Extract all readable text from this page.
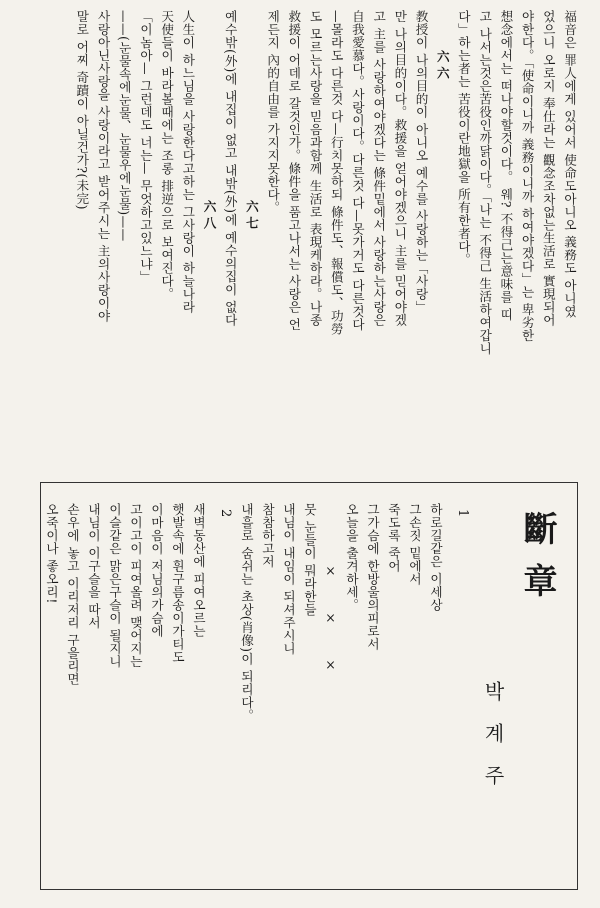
福音은 罪人에게 있어서 使命도아니오 義務도 아니였
었으니 오로지 奉仕라는 觀念조차없는生活로 實現되어
야한다。「使命이니까 義務이니까 하여야겠다」는 卑劣한
想念에서는 떠나야할것이다。 웨? 不得己는意味를 띠
고 나서는것은苦役인까닭이다。「나는 不得己 生活하여갑니
다」하는者는 苦役이란地獄을 所有한者다。
六六
教授이 나의目的이 아니오 예수를 사랑하는「사랑」
만 나의目的이다。救援을 얻어야겠으니 主를 믿어야겠
고 主를 사랑하여야겠다는 條件밑에서 사랑하는사랑은
自我愛慕다。사랑이다。다른것 다—못가거도 다른것다
—몰라도 다른것 다—行치못하되 條件도、報償도、功勞
도 모르는사랑을 믿음과함께 生活로 表現케하라。나종
救援이 어데로 갈것인가。條件을 품고나서는 사랑은 언
제든지 內的自由를 가지지못한다。
六七
예수밖(外)에 내집이 없고 내밖(外)에 예수의집이 없다
六八
人生이 하느님을 사랑한다고하는 그사랑이 하늘나라
天使들이 바라볼때에는 조롱 排逆으로 보여진다。
「이놈아— 그런데도 너는— 무엇하고있느냐」
——(눈물속에눈물、눈물우에눈물)——
사랑아닌사랑을 사랑이라고 받어주시는 主의사랑이야
말로 어찌 奇蹟이 아닐건가?(未完)
斷章
박계주
1
하로길같은 이세상
그손짓 밑에서
죽도록 죽어
그가슴에 한방울의피로서
오늘을 출겨하세。
× × ×
뭇 눈들이 뭐라한들
내님이 내임이 되셔주시니
참참하고저
내흘로 숨쉬는 초상(肖像)이 되리다。
2
새벽동산에 피여오르는
햇발속에 휜구름송이가티도
이마음이 저님의가슴에
고이고이 피여올려 맺어지는
이슬같은 맑은구슬이 될지니
내님이 이구슬을 따서
손우에 놓고 이리저리 구을리면
오죽이나 좋오리!
